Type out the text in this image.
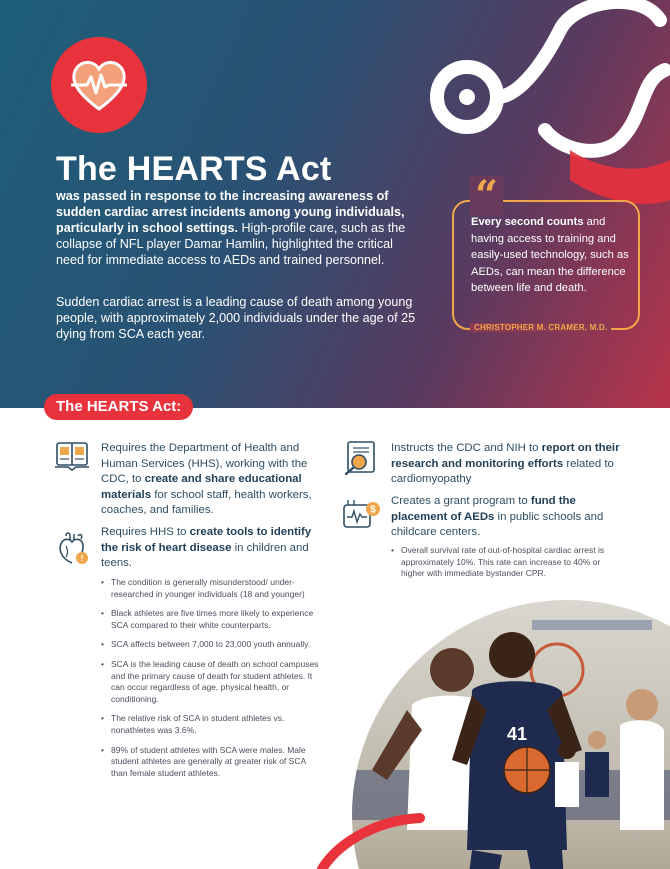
The HEARTS Act

was passed in response to the increasing awareness of sudden cardiac arrest incidents among young individuals, particularly in school settings. High-profile care, such as the collapse of NFL player Damar Hamlin, highlighted the critical need for immediate access to AEDs and trained personnel.

Sudden cardiac arrest is a leading cause of death among young people, with approximately 2,000 individuals under the age of 25 dying from SCA each year.

“

Every second counts and having access to training and easily-used technology, such as AEDs, can mean the difference between life and death.

CHRISTOPHER M. CRAMER, M.D.
The HEARTS Act:

Requires the Department of Health and Human Services (HHS), working with the CDC, to create and share educational materials for school staff, health workers, coaches, and families.

!

Requires HHS to create tools to identify the risk of heart disease in children and teens.

• The condition is generally misunderstood/ under-researched in younger individuals (18 and younger)
• Black athletes are five times more likely to experience SCA compared to their white counterparts.
• SCA affects between 7,000 to 23,000 youth annually.
• SCA is the leading cause of death on school campuses and the primary cause of death for student athletes. It can occur regardless of age, physical health, or conditioning.
• The relative risk of SCA in student athletes vs. nonathletes was 3.6%.
• 89% of student athletes with SCA were males. Male student athletes are generally at greater risk of SCA than female student athletes.

Instructs the CDC and NIH to report on their research and monitoring efforts related to cardiomyopathy

$

Creates a grant program to fund the placement of AEDs in public schools and childcare centers.

• Overall survival rate of out-of-hospital cardiac arrest is approximately 10%. This rate can increase to 40% or higher with immediate bystander CPR.
41
